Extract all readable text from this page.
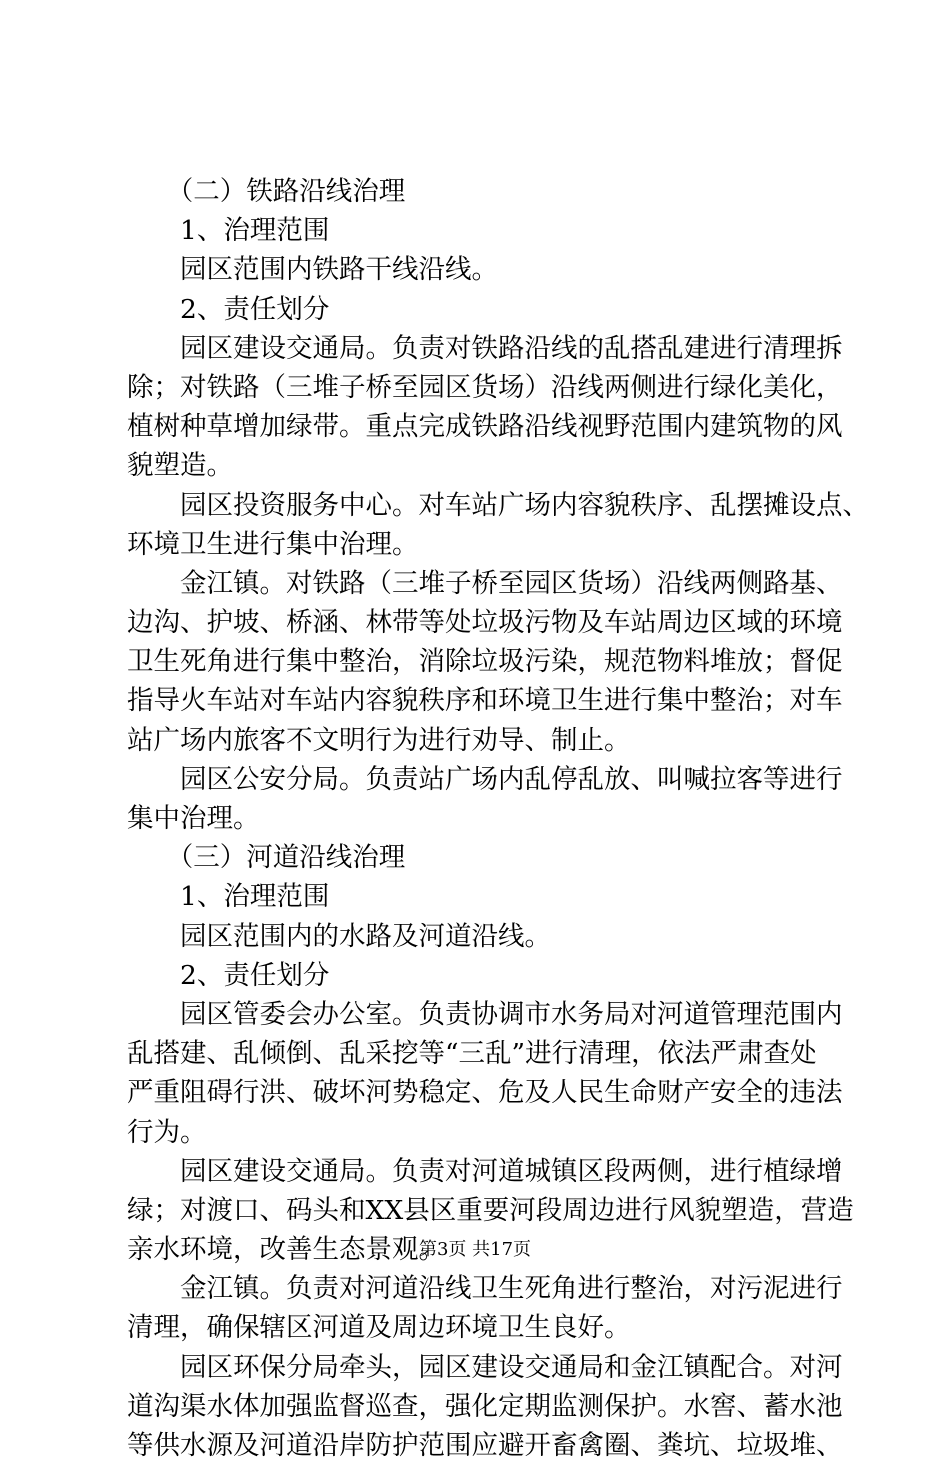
　　（二）铁路沿线治理
　　1、治理范围
　　园区范围内铁路干线沿线。
　　2、责任划分
　　园区建设交通局。负责对铁路沿线的乱搭乱建进行清理拆
除；对铁路（三堆子桥至园区货场）沿线两侧进行绿化美化，
植树种草增加绿带。重点完成铁路沿线视野范围内建筑物的风
貌塑造。
　　园区投资服务中心。对车站广场内容貌秩序、乱摆摊设点、
环境卫生进行集中治理。
　　金江镇。对铁路（三堆子桥至园区货场）沿线两侧路基、
边沟、护坡、桥涵、林带等处垃圾污物及车站周边区域的环境
卫生死角进行集中整治，消除垃圾污染，规范物料堆放；督促
指导火车站对车站内容貌秩序和环境卫生进行集中整治；对车
站广场内旅客不文明行为进行劝导、制止。
　　园区公安分局。负责站广场内乱停乱放、叫喊拉客等进行
集中治理。
　　（三）河道沿线治理
　　1、治理范围
　　园区范围内的水路及河道沿线。
　　2、责任划分
　　园区管委会办公室。负责协调市水务局对河道管理范围内
乱搭建、乱倾倒、乱采挖等“三乱”进行清理，依法严肃查处
严重阻碍行洪、破坏河势稳定、危及人民生命财产安全的违法
行为。
　　园区建设交通局。负责对河道城镇区段两侧，进行植绿增
绿；对渡口、码头和XX县区重要河段周边进行风貌塑造，营造
亲水环境，改善生态景观。
　　金江镇。负责对河道沿线卫生死角进行整治，对污泥进行
清理，确保辖区河道及周边环境卫生良好。
　　园区环保分局牵头，园区建设交通局和金江镇配合。对河
道沟渠水体加强监督巡查，强化定期监测保护。水窖、蓄水池
等供水源及河道沿岸防护范围应避开畜禽圈、粪坑、垃圾堆、
第3页 共17页
